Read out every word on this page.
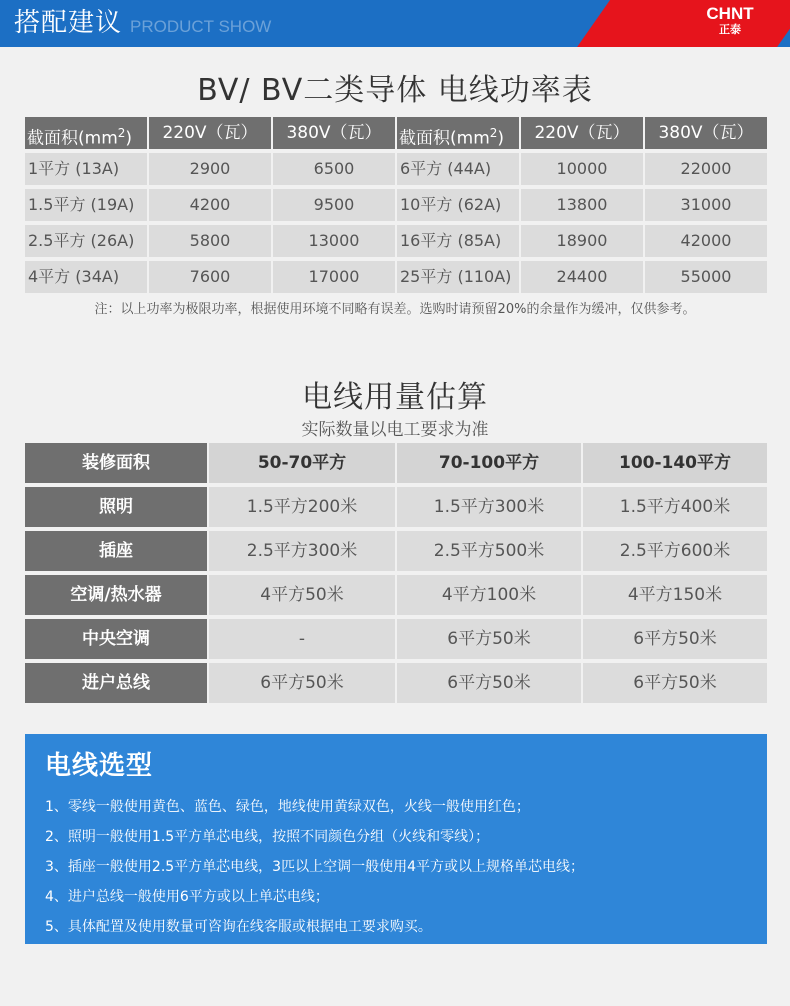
搭配建议 PRODUCT SHOW
CHNT
正泰
BV/ BV二类导体 电线功率表
截面积$(mm^2)$	220V（瓦）	380V（瓦）	截面积$(mm^2)$	220V（瓦）	380V（瓦）
1平方 (13A)	2900	6500	6平方 (44A)	10000	22000
1.5平方 (19A)	4200	9500	10平方 (62A)	13800	31000
2.5平方 (26A)	5800	13000	16平方 (85A)	18900	42000
4平方 (34A)	7600	17000	25平方 (110A)	24400	55000
注：以上功率为极限功率，根据使用环境不同略有误差。选购时请预留20%的余量作为缓冲，仅供参考。
电线用量估算
实际数量以电工要求为准
装修面积	50-70平方	70-100平方	100-140平方
照明	1.5平方200米	1.5平方300米	1.5平方400米
插座	2.5平方300米	2.5平方500米	2.5平方600米
空调/热水器	4平方50米	4平方100米	4平方150米
中央空调	-	6平方50米	6平方50米
进户总线	6平方50米	6平方50米	6平方50米
电线选型
1、零线一般使用黄色、蓝色、绿色，地线使用黄绿双色，火线一般使用红色；
2、照明一般使用1.5平方单芯电线，按照不同颜色分组（火线和零线）；
3、插座一般使用2.5平方单芯电线，3匹以上空调一般使用4平方或以上规格单芯电线；
4、进户总线一般使用6平方或以上单芯电线；
5、具体配置及使用数量可咨询在线客服或根据电工要求购买。
